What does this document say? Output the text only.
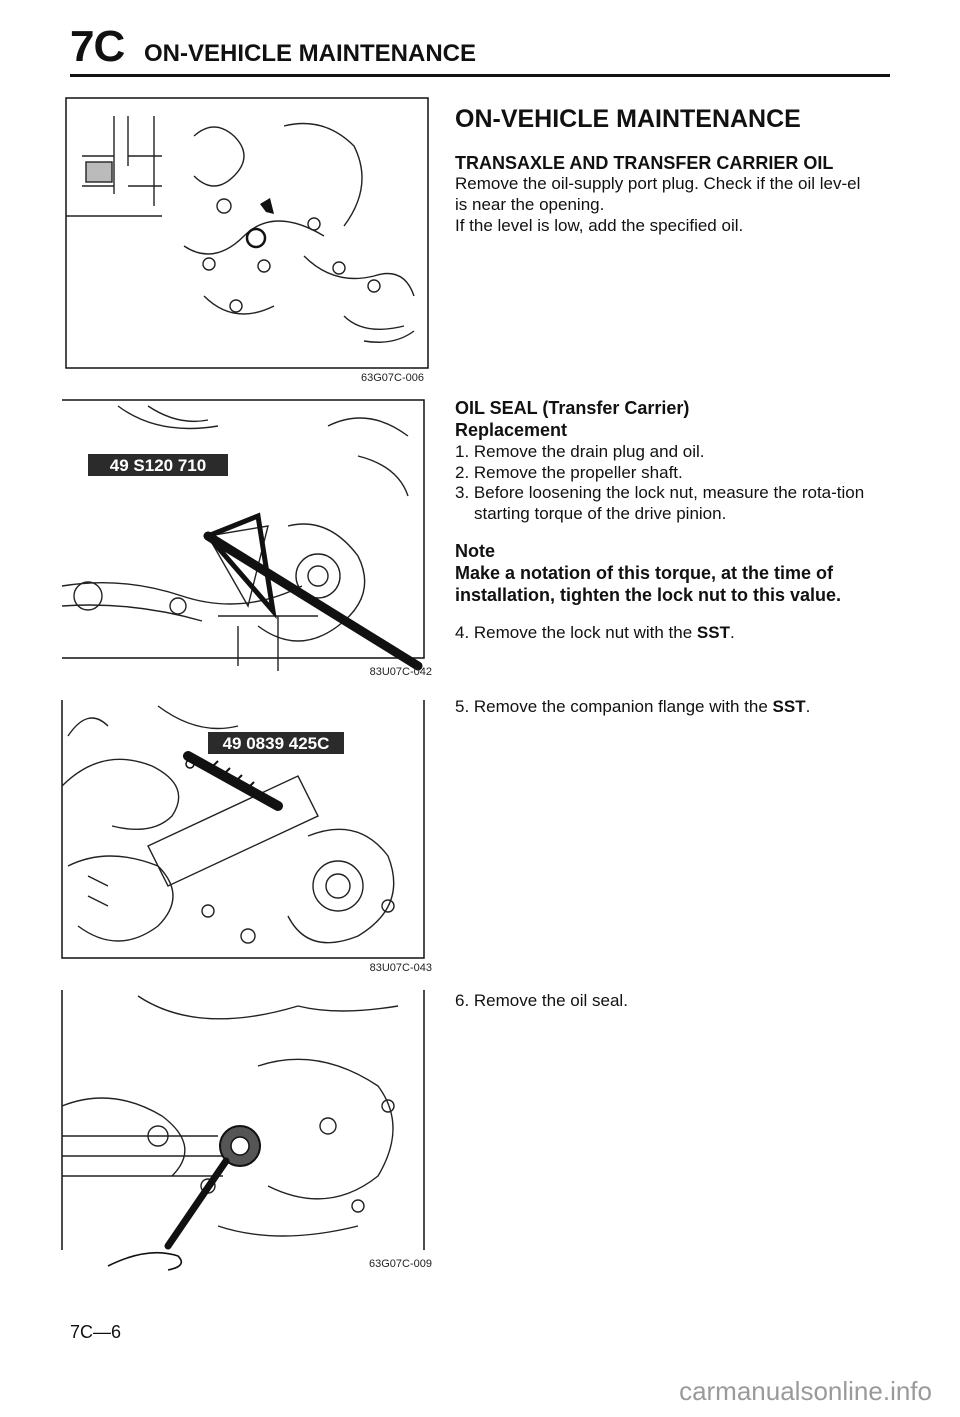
7C ON-VEHICLE MAINTENANCE
63G07C-006
49 S120 710
83U07C-042
49 0839 425C
83U07C-043
63G07C-009

ON-VEHICLE MAINTENANCE

TRANSAXLE AND TRANSFER CARRIER OIL

Remove the oil-supply port plug. Check if the oil lev-el is near the opening.

If the level is low, add the specified oil.

OIL SEAL (Transfer Carrier)

Replacement

1. Remove the drain plug and oil.

2. Remove the propeller shaft.

3. Before loosening the lock nut, measure the rota-tion starting torque of the drive pinion.

Note

Make a notation of this torque, at the time of installation, tighten the lock nut to this value.

4. Remove the lock nut with the SST.

5. Remove the companion flange with the SST.

6. Remove the oil seal.

7C—6
carmanualsonline.info
